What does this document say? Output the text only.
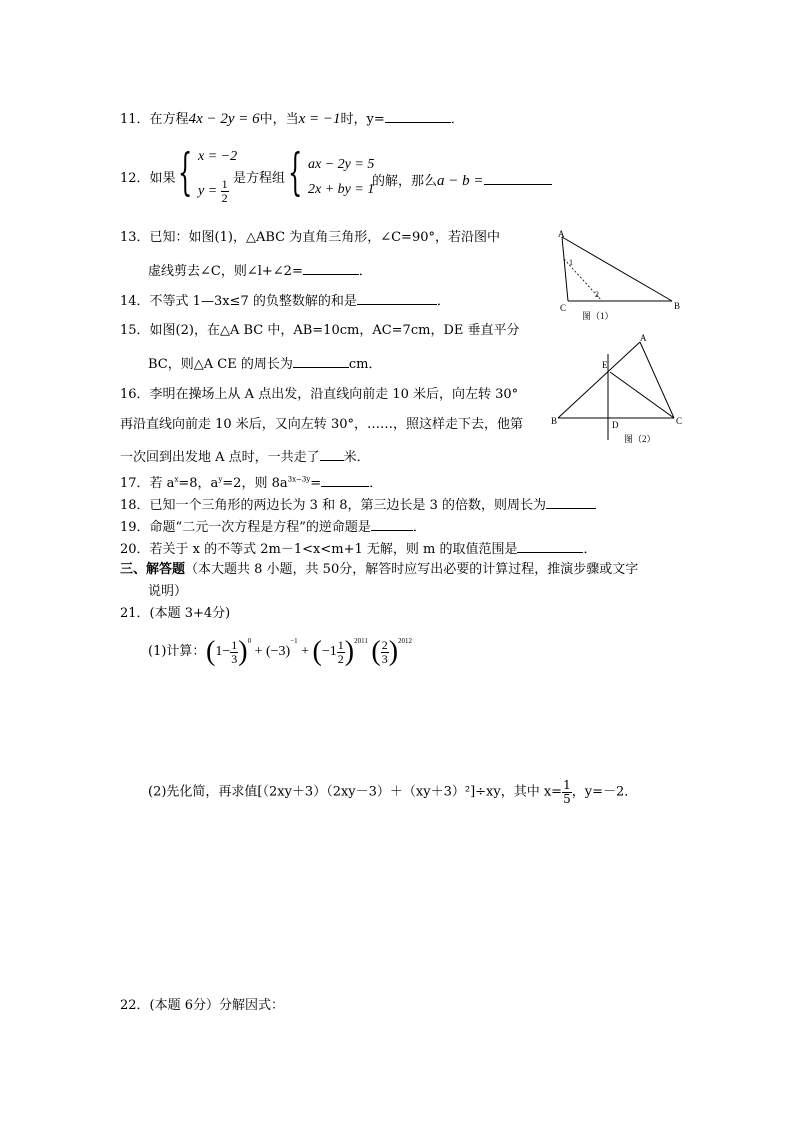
11．在方程4x − 2y = 6中，当x = −1时，y=	．
12．如果 { x = −2
$y = \frac{1}{2}$ 是方程组 { ax − 2y = 5
2x + by = 1
的解，那么a − b =
13．已知：如图(1)，△ABC 为直角三角形，∠C=90°，若沿图中
虚线剪去∠C，则∠l+∠2=	．
14．不等式 1—3x≤7 的负整数解的和是	．
15．如图(2)，在△A BC 中，AB=10cm，AC=7cm，DE 垂直平分
BC，则△A CE 的周长为	cm．
16．李明在操场上从 A 点出发，沿直线向前走 10 米后，向左转 30°
再沿直线向前走 10 米后，又向左转 30°，……，照这样走下去，他第
一次回到出发地 A 点时，一共走了 米．
17．若 $a^x=8$，$a^y=2$，则 $8a^{3x-3y}=$	．
18．已知一个三角形的两边长为 3 和 8，第三边长是 3 的倍数，则周长为
19．命题“二元一次方程是方程”的逆命题是	．
20．若关于 x 的不等式 2m－1<x<m+1 无解，则 m 的取值范围是	．
三、解答题（本大题共 8 小题，共 50分，解答时应写出必要的计算过程，推演步骤或文字
说明）
21．(本题 3+4分)
(1)计算： $(1- \frac{1}{3} )^0 + (-3)^{-1} + (-1 \frac{1}{2} )^{2011}$ ( $\frac{2}{3} )^{2012}$
(2)先化简，再求值[（2xy＋3）（2xy－3）＋（xy＋3）²]÷xy，其中 $x= \frac{1}{5}$ ，y=－2．
22．(本题 6分）分解因式：
A
B
C
1
2
图（1）
B	C
A
D
E
图（2）
